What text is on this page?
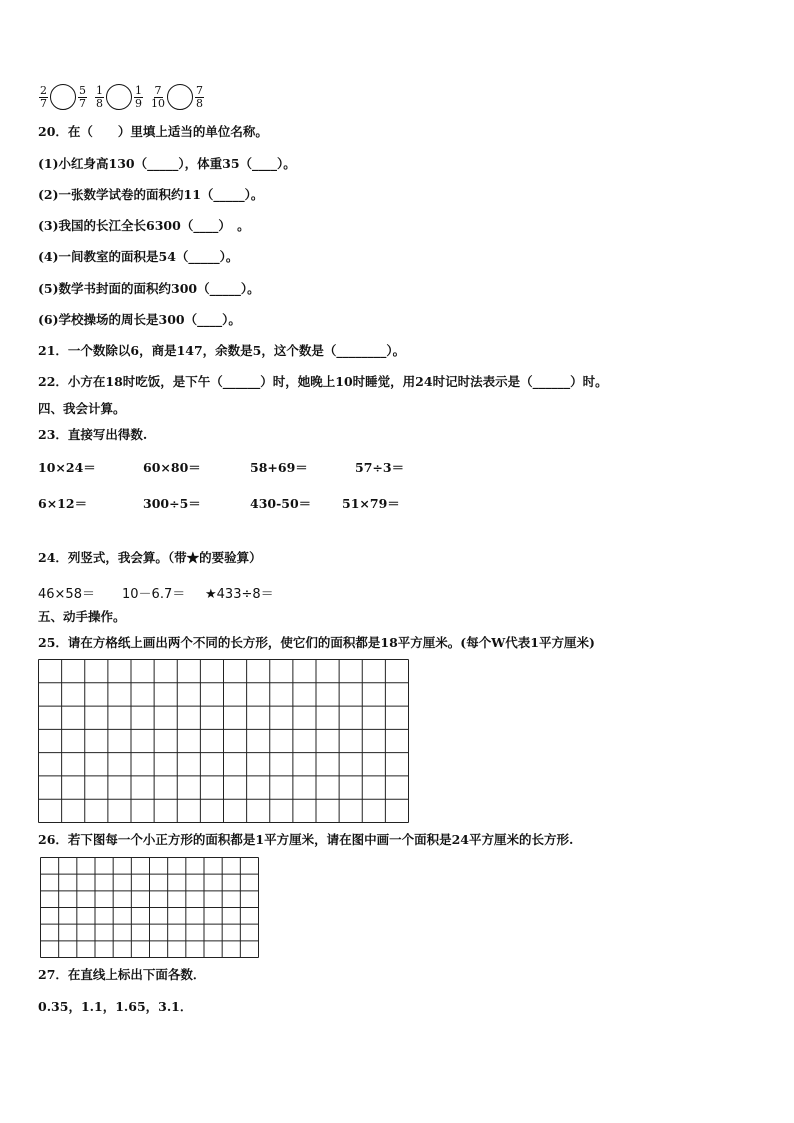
$\frac{2}{7}$	$\frac{5}{7} \frac{1}{8}$	$\frac{1}{9} \frac{7}{10}$	$\frac{7}{8}$
20．在（　　）里填上适当的单位名称。
(1)小红身高130（_____），体重35（____）。
(2)一张数学试卷的面积约11（_____）。
(3)我国的长江全长6300（____）　。
(4)一间教室的面积是54（_____）。
(5)数学书封面的面积约300（_____）。
(6)学校操场的周长是300（____）。
21．一个数除以6，商是147，余数是5，这个数是（________）。
22．小方在18时吃饭，是下午（______）时，她晚上10时睡觉，用24时记时法表示是（______）时。
四、我会计算。
23．直接写出得数.
10×24＝	60×80＝	58+69＝	57÷3＝
6×12＝	300÷5＝	430-50＝ 51×79＝
24．列竖式，我会算。（带★的要验算）
46×58＝ 10－6.7＝ ★433÷8＝
五、动手操作。
25．请在方格纸上画出两个不同的长方形，使它们的面积都是18平方厘米。(每个W代表1平方厘米)
26．若下图每一个小正方形的面积都是1平方厘米，请在图中画一个面积是24平方厘米的长方形.
27．在直线上标出下面各数．
0.35，1.1，1.65，3.1．
